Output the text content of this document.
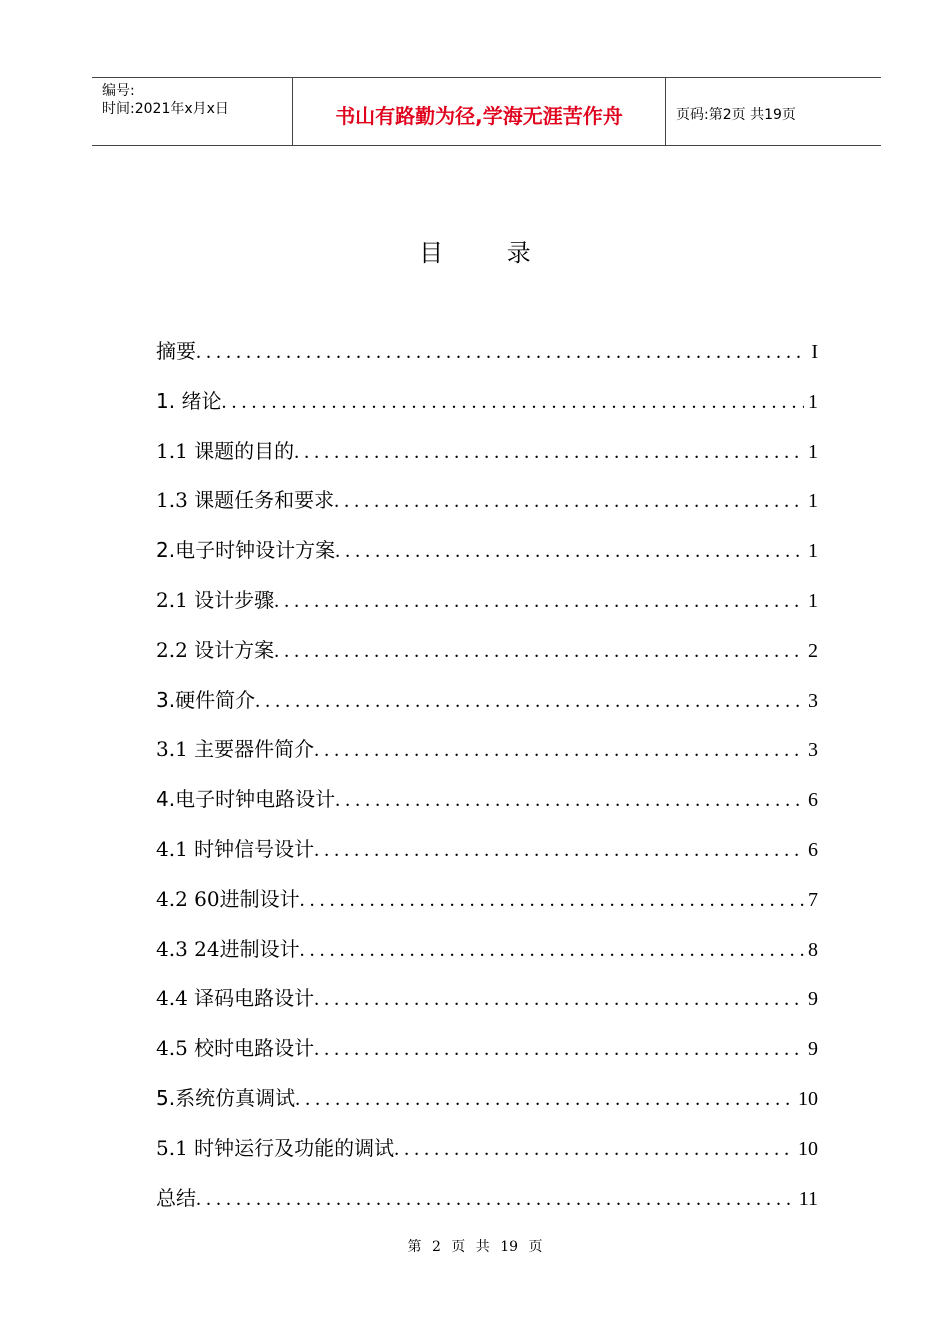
编号:
时间:2021年x月x日	书山有路勤为径,学海无涯苦作舟	页码:第2页 共19页
目 录
摘要 . . .	I
1. 绪论 . . .	1
1.1 课题的目的 . . .	1
1.3 课题任务和要求 . . .	1
2.电子时钟设计方案 . . .	1
2.1 设计步骤 . . .	1
2.2 设计方案 . . .	2
3.硬件简介 . . .	3
3.1 主要器件简介 . . .	3
4.电子时钟电路设计 . . .	6
4.1 时钟信号设计 . . .	6
4.2 60进制设计 . . .	7
4.3 24进制设计 . . .	8
4.4 译码电路设计 . . .	9
4.5 校时电路设计 . . .	9
5.系统仿真调试 . . .	10
5.1 时钟运行及功能的调试 . . .	10
总结 . . .	11
第 2 页 共 19 页
